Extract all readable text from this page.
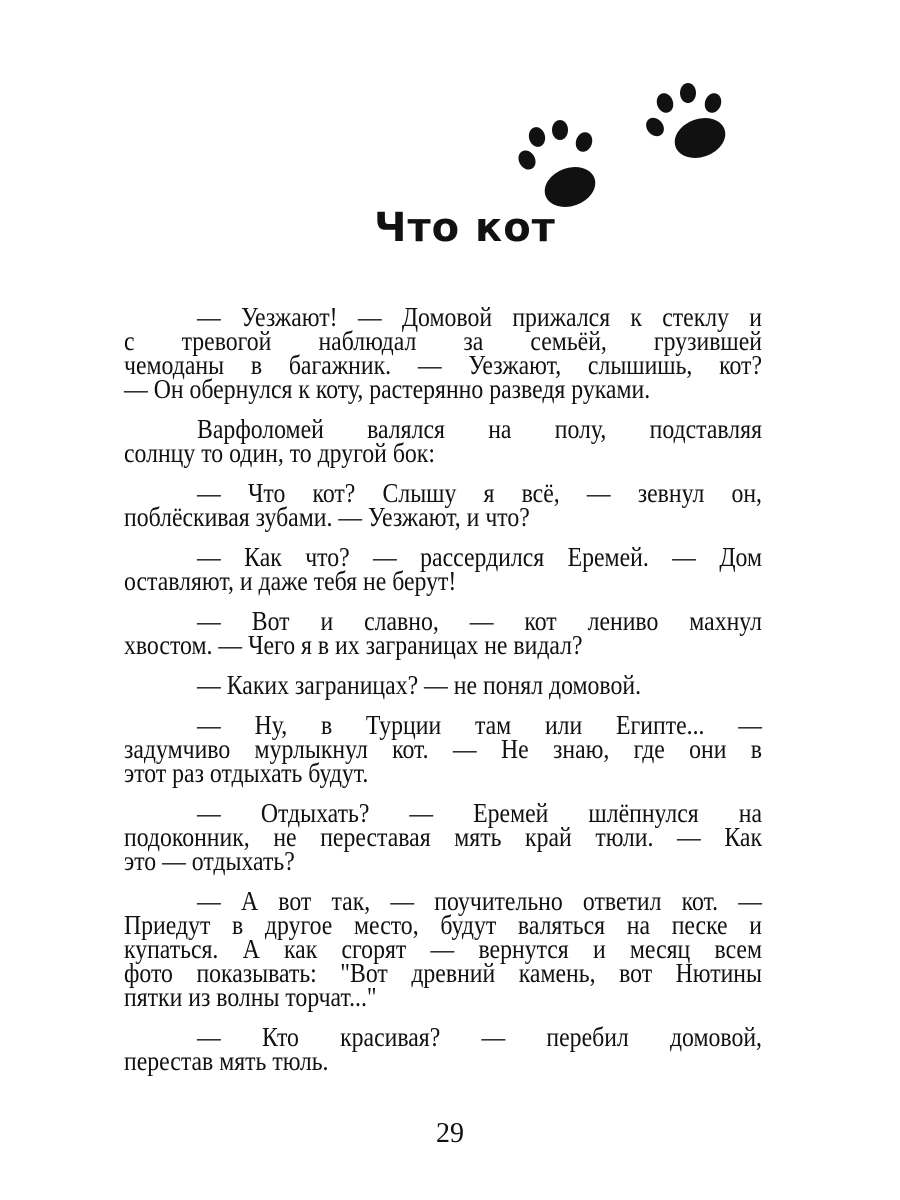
Что кот
— Уезжают! — Домовой прижался к стеклу и
с тревогой наблюдал за семьёй, грузившей
чемоданы в багажник. — Уезжают, слышишь, кот?
— Он обернулся к коту, растерянно разведя руками.
Варфоломей валялся на полу, подставляя
солнцу то один, то другой бок:
— Что кот? Слышу я всё, — зевнул он,
поблёскивая зубами. — Уезжают, и что?
— Как что? — рассердился Еремей. — Дом
оставляют, и даже тебя не берут!
— Вот и славно, — кот лениво махнул
хвостом. — Чего я в их заграницах не видал?
— Каких заграницах? — не понял домовой.
— Ну, в Турции там или Египте... —
задумчиво мурлыкнул кот. — Не знаю, где они в
этот раз отдыхать будут.
— Отдыхать? — Еремей шлёпнулся на
подоконник, не переставая мять край тюли. — Как
это — отдыхать?
— А вот так, — поучительно ответил кот. —
Приедут в другое место, будут валяться на песке и
купаться. А как сгорят — вернутся и месяц всем
фото показывать: "Вот древний камень, вот Нютины
пятки из волны торчат..."
— Кто красивая? — перебил домовой,
перестав мять тюль.
29
